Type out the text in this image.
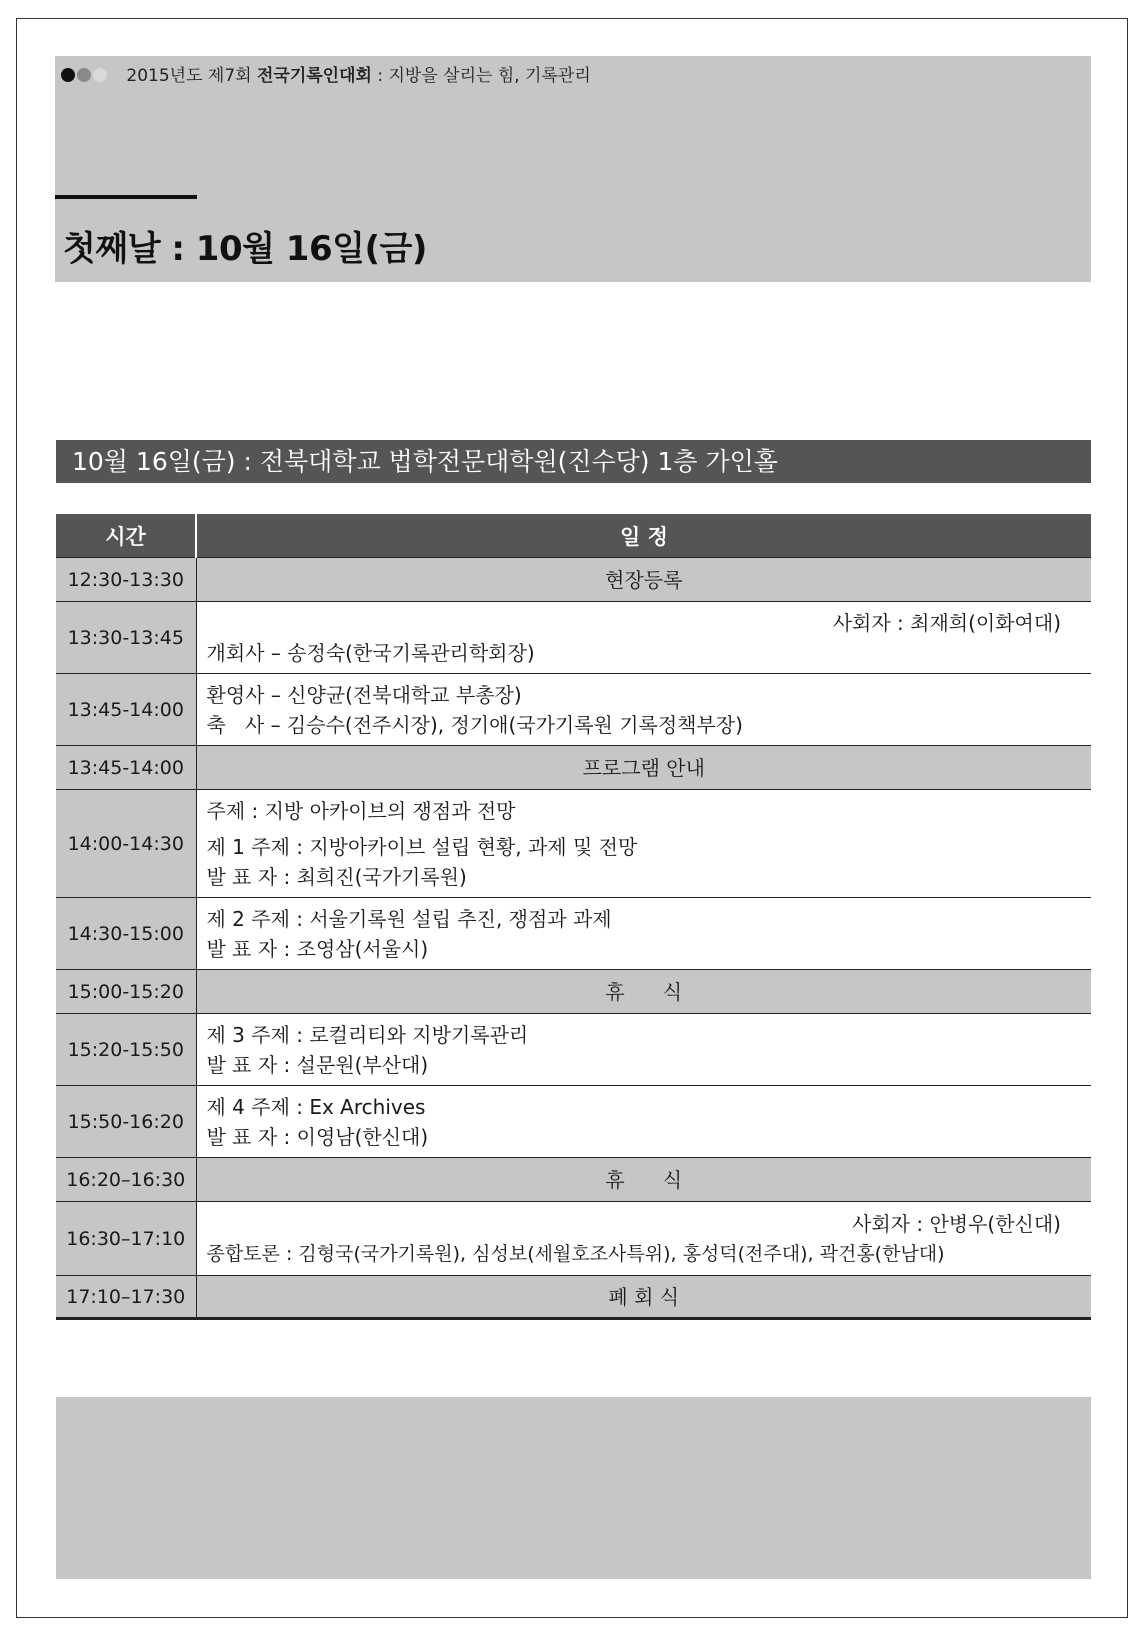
2015년도 제7회 전국기록인대회 : 지방을 살리는 힘, 기록관리
첫째날 : 10월 16일(금)
10월 16일(금) : 전북대학교 법학전문대학원(진수당) 1층 가인홀
시간	일 정
12:30-13:30	현장등록
13:30-13:45	사회자 : 최재희(이화여대)
개회사 – 송정숙(한국기록관리학회장)

13:45-14:00	환영사 – 신양균(전북대학교 부총장)
축   사 – 김승수(전주시장), 정기애(국가기록원 기록정책부장)

13:45-14:00	프로그램 안내
14:00-14:30	주제 : 지방 아카이브의 쟁점과 전망
제 1 주제 : 지방아카이브 설립 현황, 과제 및 전망
발 표 자 : 최희진(국가기록원)

14:30-15:00	제 2 주제 : 서울기록원 설립 추진, 쟁점과 과제
발 표 자 : 조영삼(서울시)

15:00-15:20	휴      식
15:20-15:50	제 3 주제 : 로컬리티와 지방기록관리
발 표 자 : 설문원(부산대)

15:50-16:20	제 4 주제 : Ex Archives
발 표 자 : 이영남(한신대)

16:20–16:30	휴      식
16:30–17:10	사회자 : 안병우(한신대)
종합토론 : 김형국(국가기록원), 심성보(세월호조사특위), 홍성덕(전주대), 곽건홍(한남대)

17:10–17:30	폐 회 식
